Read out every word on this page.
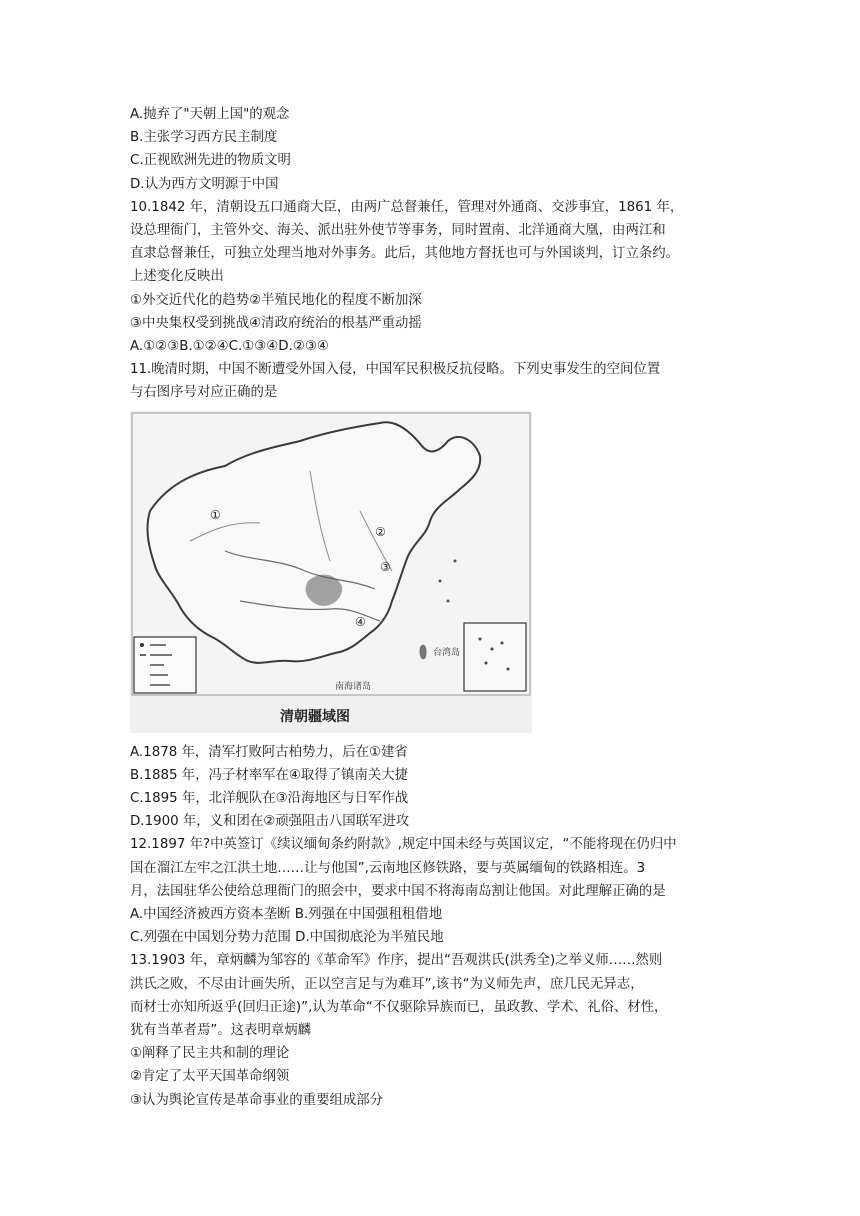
A.抛弃了"天朝上国"的观念
B.主张学习西方民主制度
C.正视欧洲先进的物质文明
D.认为西方文明源于中国
10.1842 年，清朝设五口通商大臣，由两广总督兼任，管理对外通商、交涉事宜，1861 年，
设总理衙门，主管外交、海关、派出驻外使节等事务，同时置南、北洋通商大凰，由两江和
直隶总督兼任，可独立处理当地对外事务。此后，其他地方督抚也可与外国谈判，订立条约。
上述变化反映出
①外交近代化的趋势②半殖民地化的程度不断加深
③中央集权受到挑战④清政府统治的根基严重动摇
A.①②③B.①②④C.①③④D.②③④
11.晚清时期，中国不断遭受外国入侵，中国军民积极反抗侵略。下列史事发生的空间位置
与右图序号对应正确的是
①
②
③
④
台湾岛
南海诸岛
清朝疆域图
A.1878 年，清军打败阿古柏势力，后在①建省
B.1885 年，冯子材率军在④取得了镇南关大捷
C.1895 年，北洋舰队在③沿海地区与日军作战
D.1900 年，义和团在②顽强阻击八国联军进攻
12.1897 年?中英签订《续议缅甸条约附款》,规定中国未经与英国议定，“不能将现在仍归中
国在溜江左牢之江洪土地……让与他国”,云南地区修铁路，要与英属缅甸的铁路相连。3
月，法国驻华公使给总理衙门的照会中，要求中国不将海南岛割让他国。对此理解正确的是
A.中国经济被西方资本垄断 B.列强在中国强租租借地
C.列强在中国划分势力范围 D.中国彻底沦为半殖民地
13.1903 年，章炳麟为邹容的《革命军》作序，提出“吾观洪氏(洪秀全)之举义师……然则
洪氏之败，不尽由计画失所，正以空言足与为难耳”,该书“为义师先声，庶几民无异志，
而材士亦知所返乎(回归正途)”,认为革命“不仅驱除异族而已，虽政教、学术、礼俗、材性，
犹有当革者焉”。这表明章炳麟
①阐释了民主共和制的理论
②肯定了太平天国革命纲领
③认为舆论宣传是革命事业的重要组成部分
